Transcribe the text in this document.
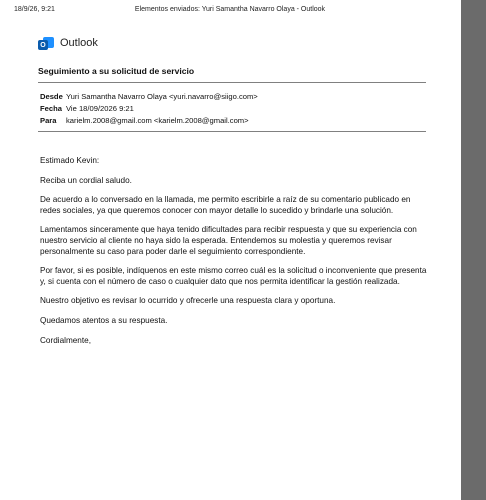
18/9/26, 9:21	Elementos enviados: Yuri Samantha Navarro Olaya - Outlook
O Outlook
Seguimiento a su solicitud de servicio
Desde Yuri Samantha Navarro Olaya <yuri.navarro@siigo.com>
Fecha Vie 18/09/2026 9:21
Para	karielm.2008@gmail.com <karielm.2008@gmail.com>

Estimado Kevin:

Reciba un cordial saludo.

De acuerdo a lo conversado en la llamada, me permito escribirle a raíz de su comentario publicado en redes sociales, ya que queremos conocer con mayor detalle lo sucedido y brindarle una solución.

Lamentamos sinceramente que haya tenido dificultades para recibir respuesta y que su experiencia con nuestro servicio al cliente no haya sido la esperada. Entendemos su molestia y queremos revisar personalmente su caso para poder darle el seguimiento correspondiente.

Por favor, si es posible, indíquenos en este mismo correo cuál es la solicitud o inconveniente que presenta y, si cuenta con el número de caso o cualquier dato que nos permita identificar la gestión realizada.

Nuestro objetivo es revisar lo ocurrido y ofrecerle una respuesta clara y oportuna.

Quedamos atentos a su respuesta.

Cordialmente,
